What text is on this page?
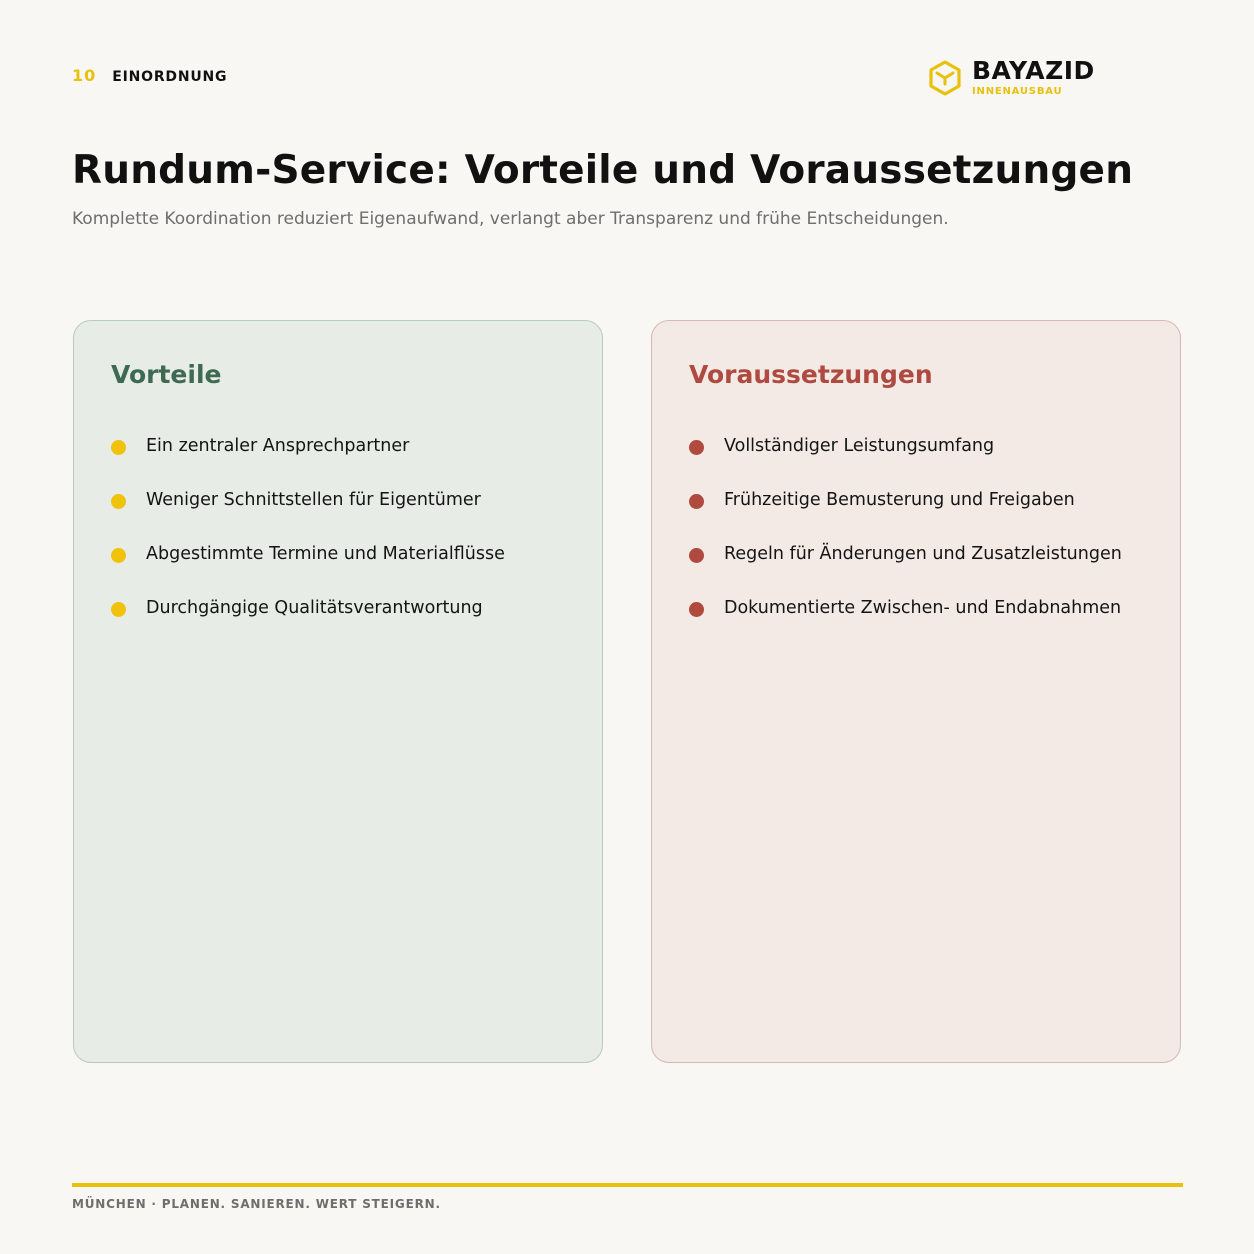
10 EINORDNUNG	BAYAZID
INNENAUSBAU
Rundum-Service: Vorteile und Voraussetzungen

Komplette Koordination reduziert Eigenaufwand, verlangt aber Transparenz und frühe Entscheidungen.

Vorteile
Ein zentraler Ansprechpartner
Weniger Schnittstellen für Eigentümer
Abgestimmte Termine und Materialflüsse
Durchgängige Qualitätsverantwortung
Voraussetzungen
Vollständiger Leistungsumfang
Frühzeitige Bemusterung und Freigaben
Regeln für Änderungen und Zusatzleistungen
Dokumentierte Zwischen- und Endabnahmen
MÜNCHEN · PLANEN. SANIEREN. WERT STEIGERN.
